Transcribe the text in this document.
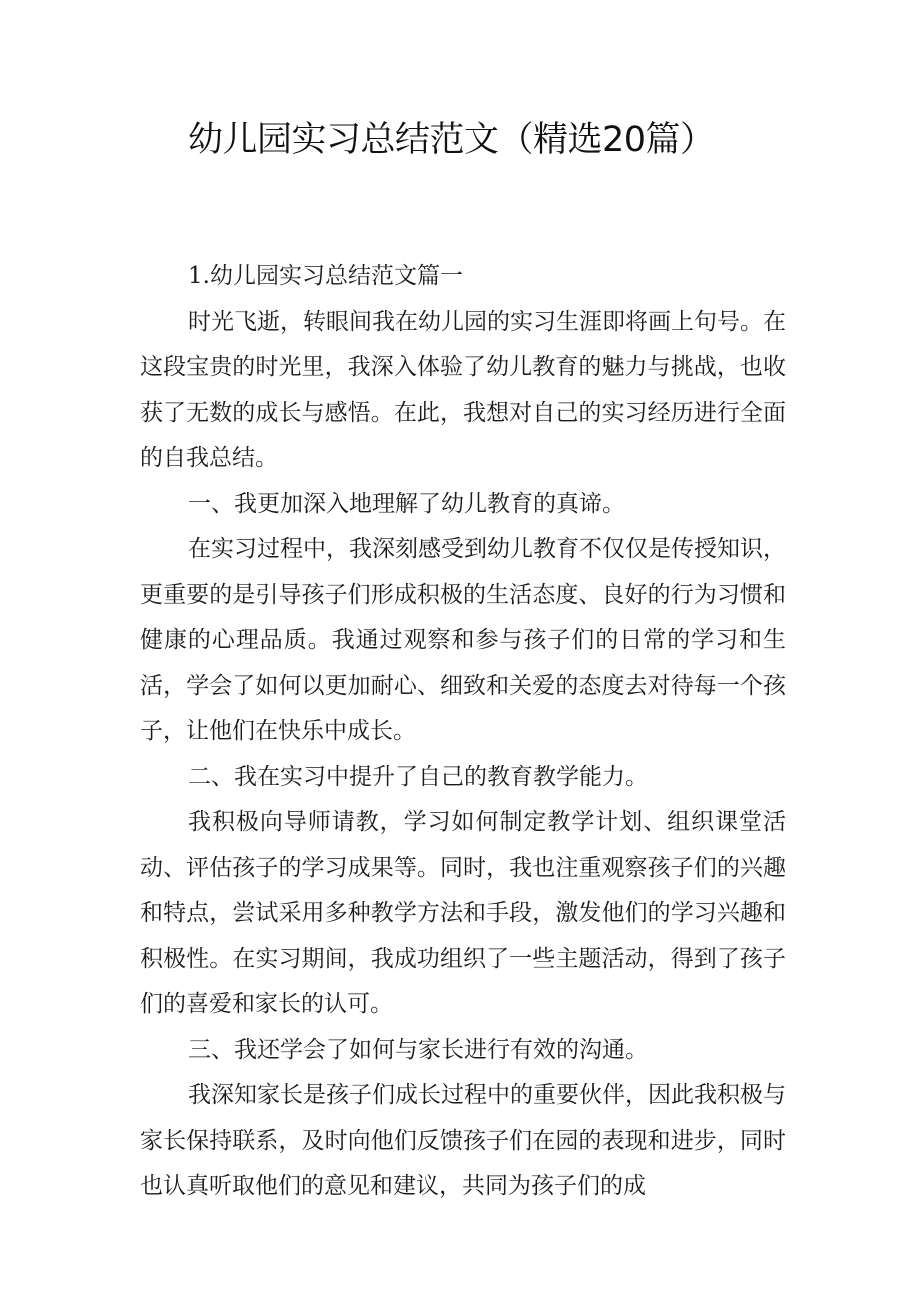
幼儿园实习总结范文（精选20篇）

1.幼儿园实习总结范文篇一

时光飞逝，转眼间我在幼儿园的实习生涯即将画上句号。在这段宝贵的时光里，我深入体验了幼儿教育的魅力与挑战，也收获了无数的成长与感悟。在此，我想对自己的实习经历进行全面的自我总结。

一、我更加深入地理解了幼儿教育的真谛。

在实习过程中，我深刻感受到幼儿教育不仅仅是传授知识，更重要的是引导孩子们形成积极的生活态度、良好的行为习惯和健康的心理品质。我通过观察和参与孩子们的日常的学习和生活，学会了如何以更加耐心、细致和关爱的态度去对待每一个孩子，让他们在快乐中成长。

二、我在实习中提升了自己的教育教学能力。

我积极向导师请教，学习如何制定教学计划、组织课堂活动、评估孩子的学习成果等。同时，我也注重观察孩子们的兴趣和特点，尝试采用多种教学方法和手段，激发他们的学习兴趣和积极性。在实习期间，我成功组织了一些主题活动，得到了孩子们的喜爱和家长的认可。

三、我还学会了如何与家长进行有效的沟通。

我深知家长是孩子们成长过程中的重要伙伴，因此我积极与家长保持联系，及时向他们反馈孩子们在园的表现和进步，同时也认真听取他们的意见和建议，共同为孩子们的成
